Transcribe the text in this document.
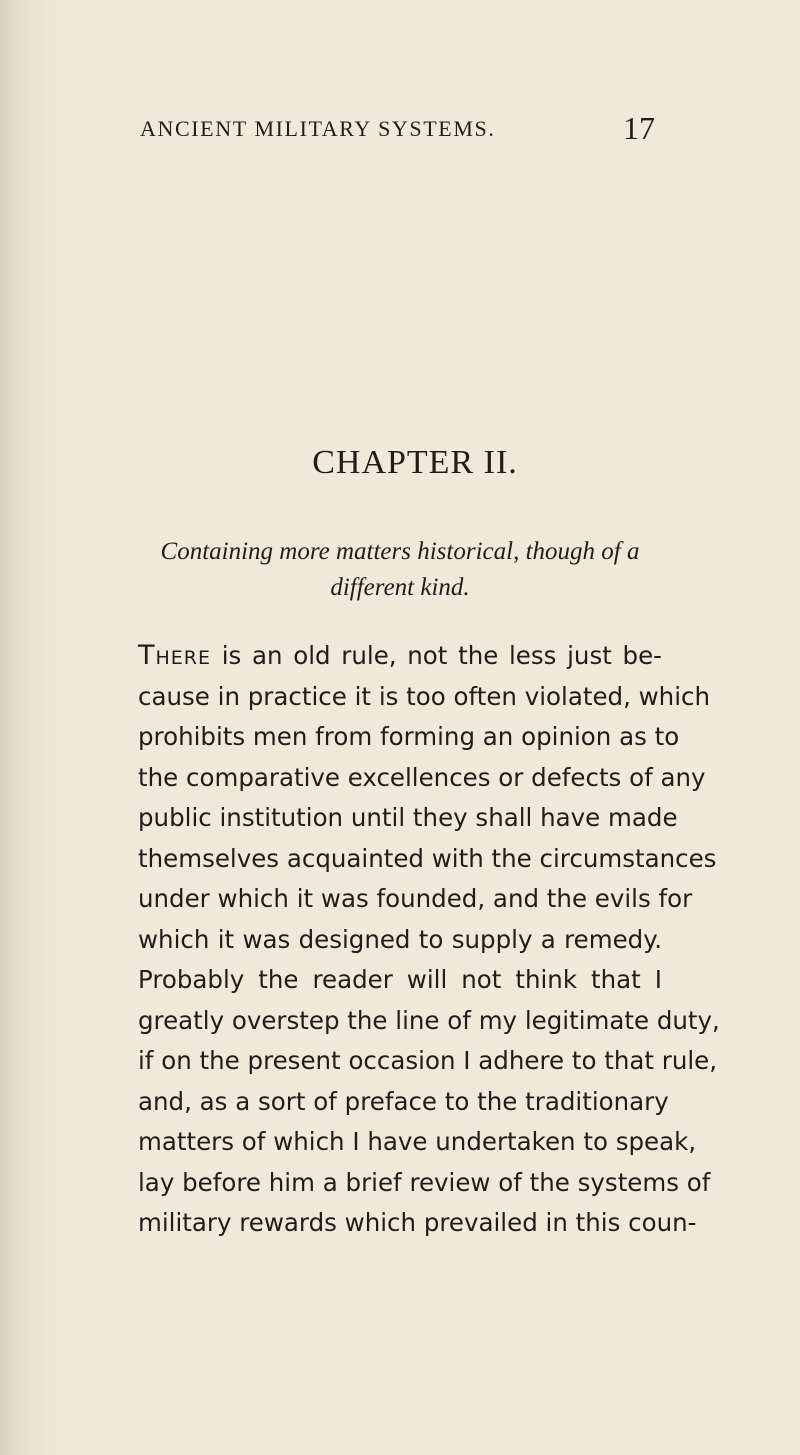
ANCIENT MILITARY SYSTEMS.	17
CHAPTER II.
Containing more matters historical, though of a different kind.
There is an old rule, not the less just be-
cause in practice it is too often violated, which
prohibits men from forming an opinion as to
the comparative excellences or defects of any
public institution until they shall have made
themselves acquainted with the circumstances
under which it was founded, and the evils for
which it was designed to supply a remedy.
Probably the reader will not think that I
greatly overstep the line of my legitimate duty,
if on the present occasion I adhere to that rule,
and, as a sort of preface to the traditionary
matters of which I have undertaken to speak,
lay before him a brief review of the systems of
military rewards which prevailed in this coun-
